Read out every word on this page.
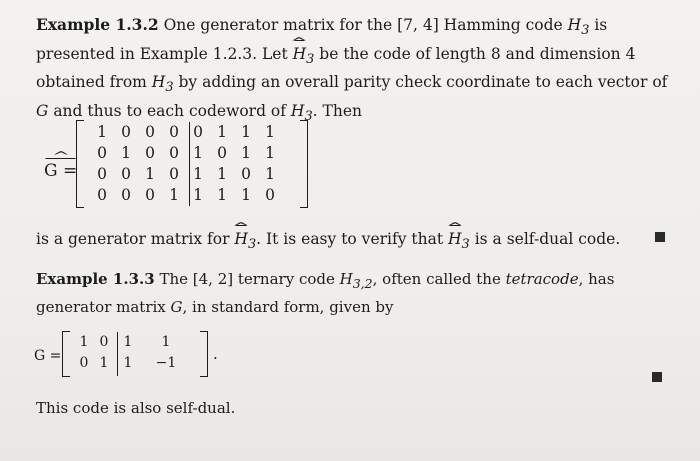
Example 1.3.2 One generator matrix for the [7, 4] Hamming code $H_3$ is presented in Example 1.2.3. Let H $\^{}_3$ be the code of length 8 and dimension 4 obtained from $H_3$ by adding an overall parity check coordinate to each vector of G and thus to each codeword of $H_3$. Then
G = ^
1 0 0 0 0 1 1 1
0 1 0 0 1 0 1 1
0 0 1 0 1 1 0 1
0 0 0 1 1 1 1 0
is a generator matrix for H $\^{}_3$. It is easy to verify that H $\^{}_3$ is a self-dual code.
Example 1.3.3 The [4, 2] ternary code $H_{3,2}$, often called the tetracode, has generator matrix G, in standard form, given by
G =
1 0	1	1
0 1	1	−1	.
This code is also self-dual.
